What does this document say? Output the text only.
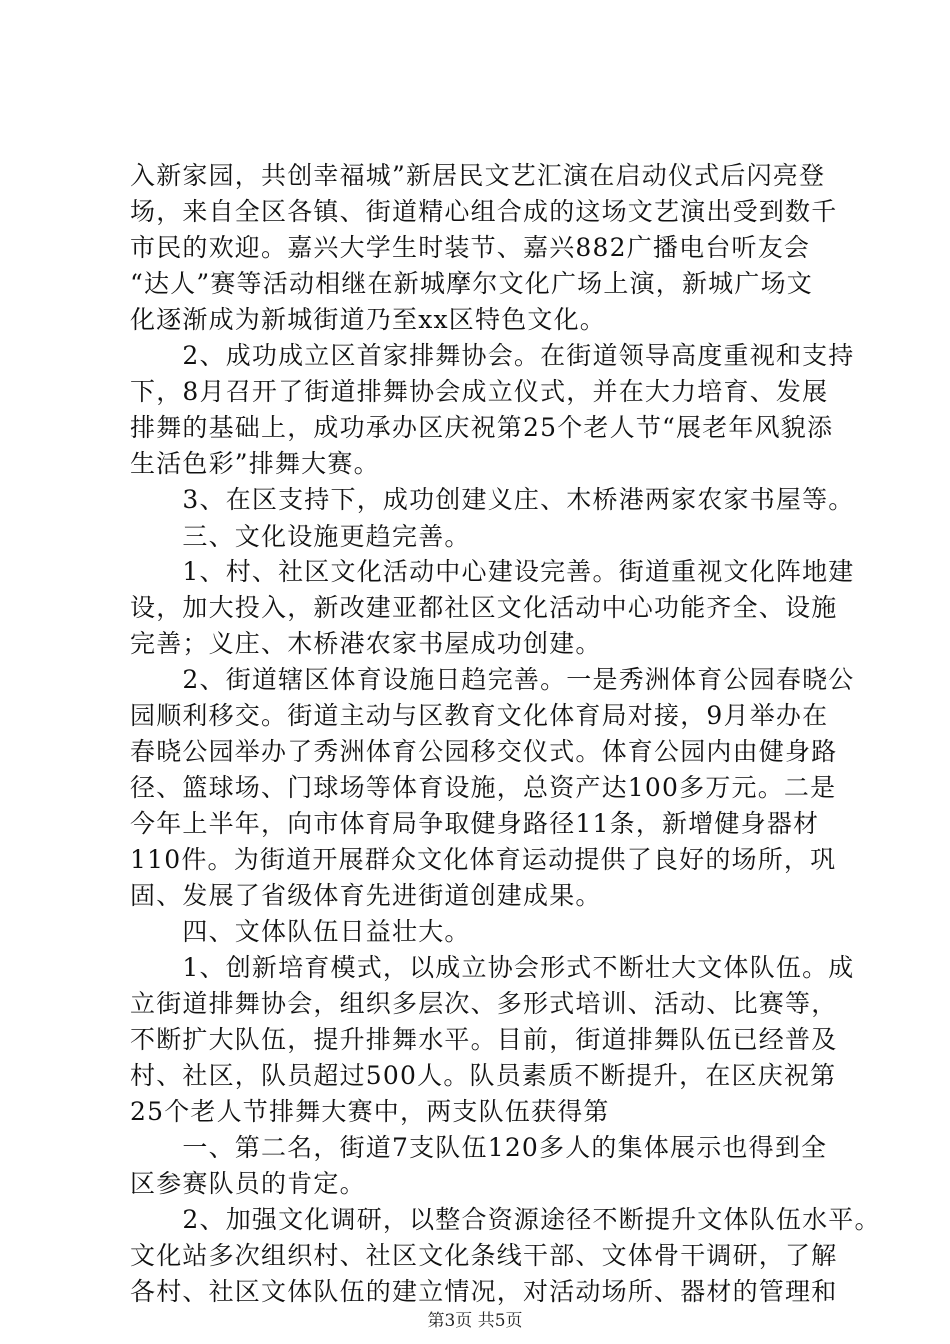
入新家园，共创幸福城”新居民文艺汇演在启动仪式后闪亮登
场，来自全区各镇、街道精心组合成的这场文艺演出受到数千
市民的欢迎。嘉兴大学生时装节、嘉兴882广播电台听友会
“达人”赛等活动相继在新城摩尔文化广场上演，新城广场文
化逐渐成为新城街道乃至xx区特色文化。
　　2、成功成立区首家排舞协会。在街道领导高度重视和支持
下，8月召开了街道排舞协会成立仪式，并在大力培育、发展
排舞的基础上，成功承办区庆祝第25个老人节“展老年风貌添
生活色彩”排舞大赛。
　　3、在区支持下，成功创建义庄、木桥港两家农家书屋等。
　　三、文化设施更趋完善。
　　1、村、社区文化活动中心建设完善。街道重视文化阵地建
设，加大投入，新改建亚都社区文化活动中心功能齐全、设施
完善；义庄、木桥港农家书屋成功创建。
　　2、街道辖区体育设施日趋完善。一是秀洲体育公园春晓公
园顺利移交。街道主动与区教育文化体育局对接，9月举办在
春晓公园举办了秀洲体育公园移交仪式。体育公园内由健身路
径、篮球场、门球场等体育设施，总资产达100多万元。二是
今年上半年，向市体育局争取健身路径11条，新增健身器材
110件。为街道开展群众文化体育运动提供了良好的场所，巩
固、发展了省级体育先进街道创建成果。
　　四、文体队伍日益壮大。
　　1、创新培育模式，以成立协会形式不断壮大文体队伍。成
立街道排舞协会，组织多层次、多形式培训、活动、比赛等，
不断扩大队伍，提升排舞水平。目前，街道排舞队伍已经普及
村、社区，队员超过500人。队员素质不断提升，在区庆祝第
25个老人节排舞大赛中，两支队伍获得第
　　一、第二名，街道7支队伍120多人的集体展示也得到全
区参赛队员的肯定。
　　2、加强文化调研，以整合资源途径不断提升文体队伍水平。
文化站多次组织村、社区文化条线干部、文体骨干调研，了解
各村、社区文体队伍的建立情况，对活动场所、器材的管理和
第3页 共5页
